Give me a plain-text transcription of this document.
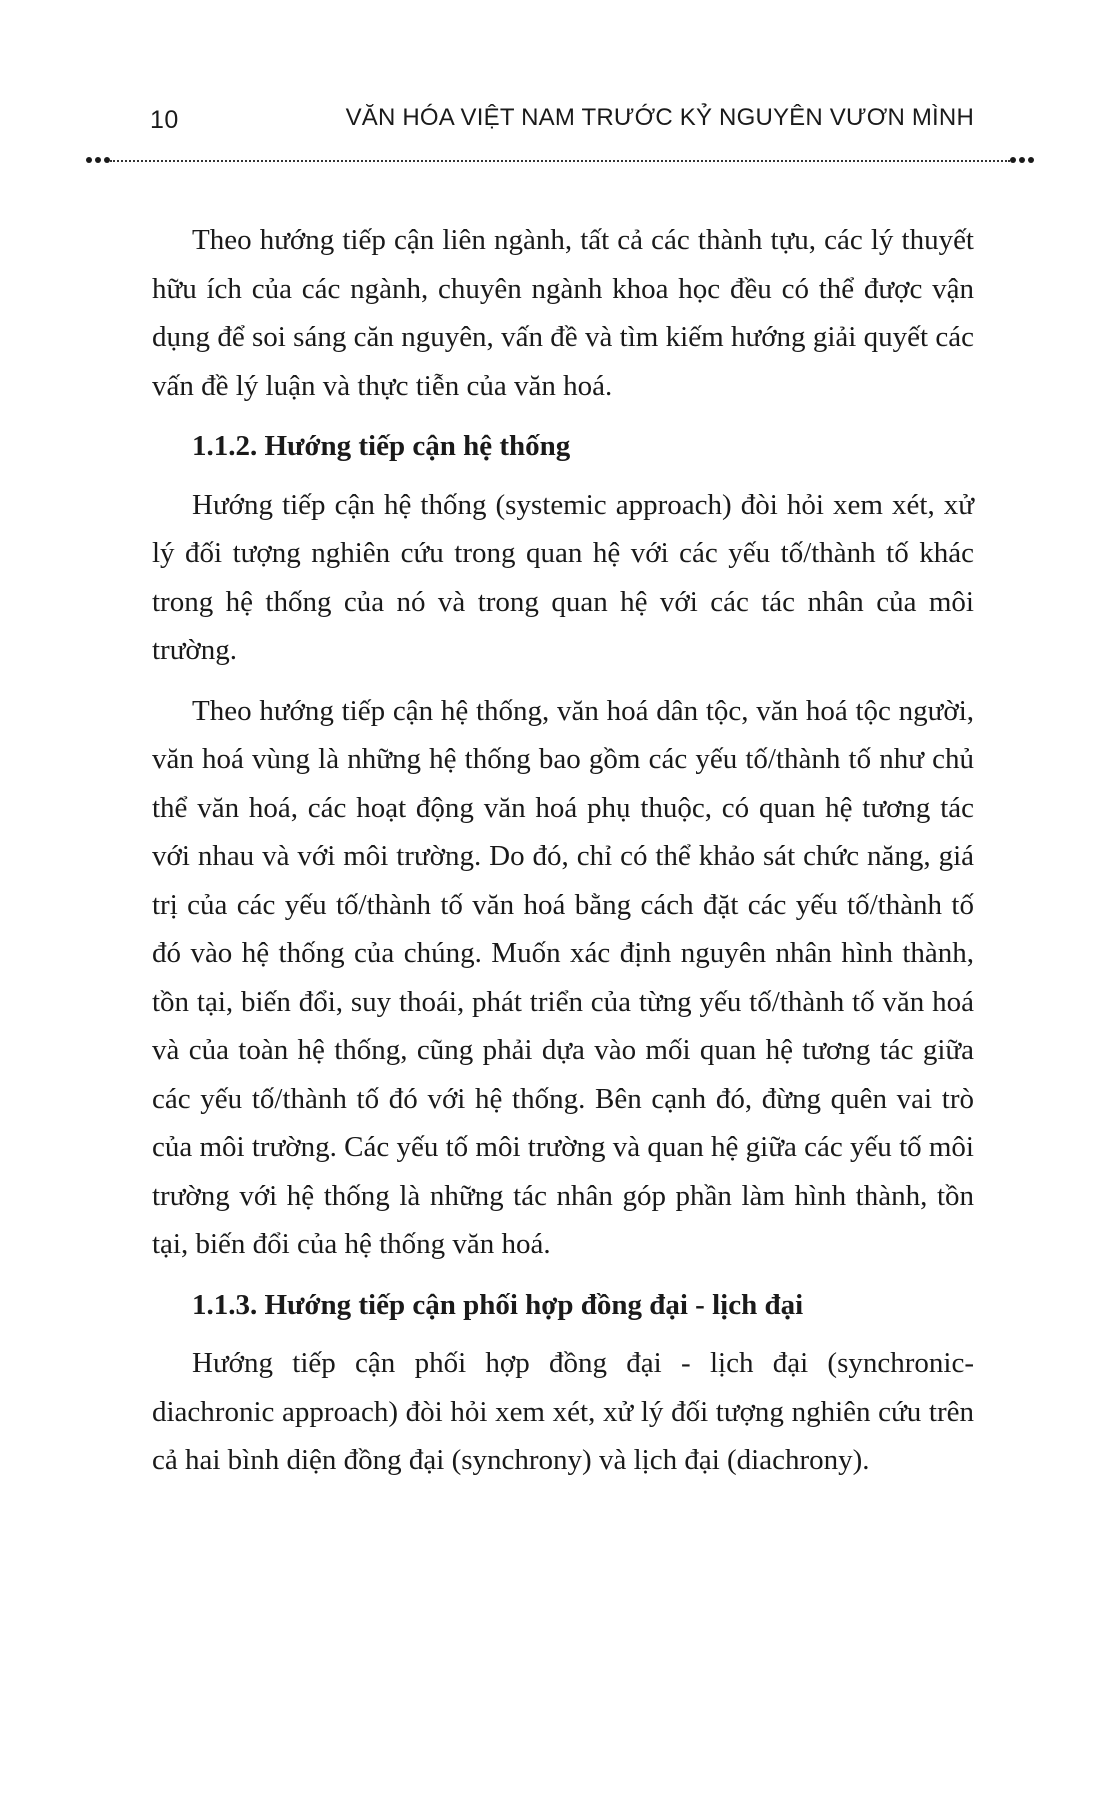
10	VĂN HÓA VIỆT NAM TRƯỚC KỶ NGUYÊN VƯƠN MÌNH

Theo hướng tiếp cận liên ngành, tất cả các thành tựu, các lý thuyết hữu ích của các ngành, chuyên ngành khoa học đều có thể được vận dụng để soi sáng căn nguyên, vấn đề và tìm kiếm hướng giải quyết các vấn đề lý luận và thực tiễn của văn hoá.

1.1.2. Hướng tiếp cận hệ thống

Hướng tiếp cận hệ thống (systemic approach) đòi hỏi xem xét, xử lý đối tượng nghiên cứu trong quan hệ với các yếu tố/thành tố khác trong hệ thống của nó và trong quan hệ với các tác nhân của môi trường.

Theo hướng tiếp cận hệ thống, văn hoá dân tộc, văn hoá tộc người, văn hoá vùng là những hệ thống bao gồm các yếu tố/thành tố như chủ thể văn hoá, các hoạt động văn hoá phụ thuộc, có quan hệ tương tác với nhau và với môi trường. Do đó, chỉ có thể khảo sát chức năng, giá trị của các yếu tố/thành tố văn hoá bằng cách đặt các yếu tố/thành tố đó vào hệ thống của chúng. Muốn xác định nguyên nhân hình thành, tồn tại, biến đổi, suy thoái, phát triển của từng yếu tố/thành tố văn hoá và của toàn hệ thống, cũng phải dựa vào mối quan hệ tương tác giữa các yếu tố/thành tố đó với hệ thống. Bên cạnh đó, đừng quên vai trò của môi trường. Các yếu tố môi trường và quan hệ giữa các yếu tố môi trường với hệ thống là những tác nhân góp phần làm hình thành, tồn tại, biến đổi của hệ thống văn hoá.

1.1.3. Hướng tiếp cận phối hợp đồng đại - lịch đại

Hướng tiếp cận phối hợp đồng đại - lịch đại (synchronic-diachronic approach) đòi hỏi xem xét, xử lý đối tượng nghiên cứu trên cả hai bình diện đồng đại (synchrony) và lịch đại (diachrony).
